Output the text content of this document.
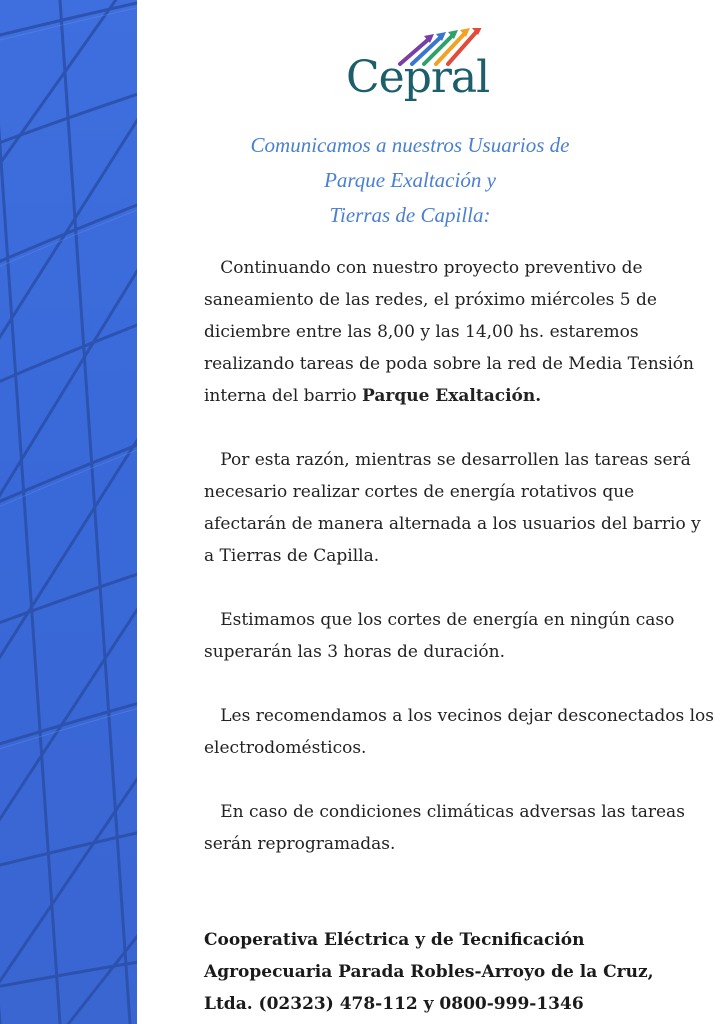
Cepral
Comunicamos a nuestros Usuarios de
Parque Exaltación y
Tierras de Capilla:

Continuando con nuestro proyecto preventivo de saneamiento de las redes, el próximo miércoles 5 de diciembre entre las 8,00 y las 14,00 hs. estaremos realizando tareas de poda sobre la red de Media Tensión interna del barrio Parque Exaltación.

Por esta razón, mientras se desarrollen las tareas será necesario realizar cortes de energía rotativos que afectarán de manera alternada a los usuarios del barrio y a Tierras de Capilla.

Estimamos que los cortes de energía en ningún caso superarán las 3 horas de duración.

Les recomendamos a los vecinos dejar desconectados los electrodomésticos.

En caso de condiciones climáticas adversas las tareas serán reprogramadas.

Cooperativa Eléctrica y de Tecnificación
Agropecuaria Parada Robles-Arroyo de la Cruz,
Ltda. (02323) 478-112 y 0800-999-1346
